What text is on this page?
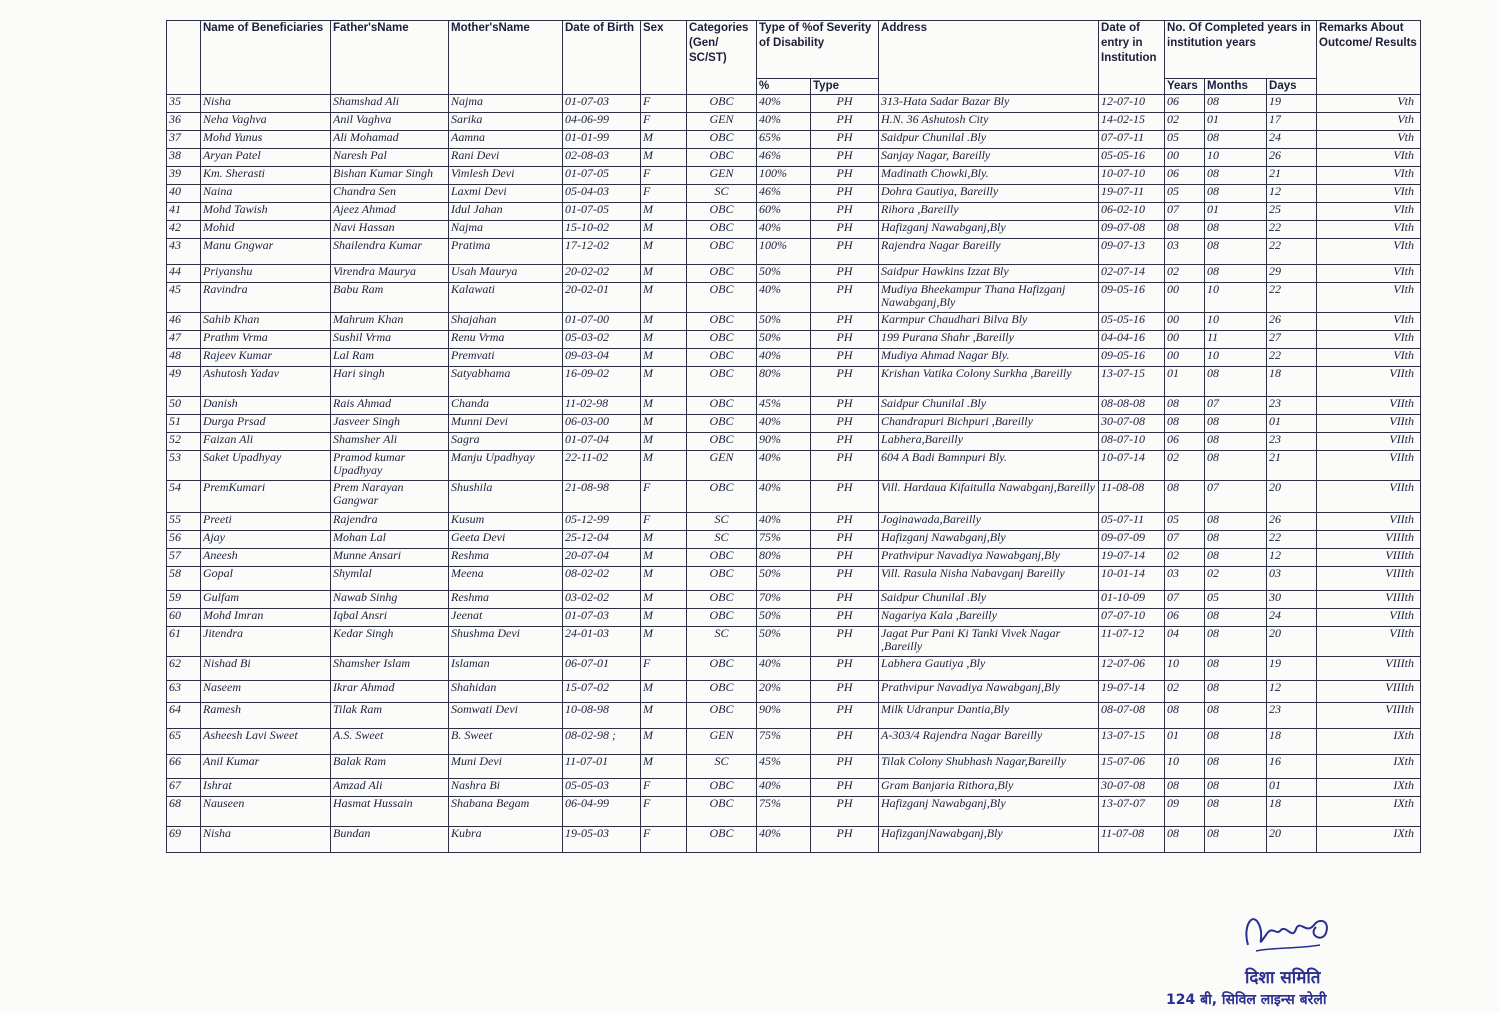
	Name of Beneficiaries	Father'sName	Mother'sName	Date of Birth	Sex	Categories (Gen/ SC/ST)	Type of %of Severity of Disability		Address	Date of entry in Institution	No. Of Completed years in institution years			Remarks About Outcome/ Results
							%	Type			Years	Months	Days	
35	Nisha	Shamshad Ali	Najma	01-07-03	F	OBC	40%	PH	313-Hata Sadar Bazar Bly	12-07-10	06	08	19	Vth
36	Neha Vaghva	Anil Vaghva	Sarika	04-06-99	F	GEN	40%	PH	H.N. 36 Ashutosh City	14-02-15	02	01	17	Vth
37	Mohd Yunus	Ali Mohamad	Aamna	01-01-99	M	OBC	65%	PH	Saidpur Chunilal .Bly	07-07-11	05	08	24	Vth
38	Aryan Patel	Naresh Pal	Rani Devi	02-08-03	M	OBC	46%	PH	Sanjay Nagar, Bareilly	05-05-16	00	10	26	VIth
39	Km. Sherasti	Bishan Kumar Singh	Vimlesh Devi	01-07-05	F	GEN	100%	PH	Madinath Chowki,Bly.	10-07-10	06	08	21	VIth
40	Naina	Chandra Sen	Laxmi Devi	05-04-03	F	SC	46%	PH	Dohra Gautiya, Bareilly	19-07-11	05	08	12	VIth
41	Mohd Tawish	Ajeez Ahmad	Idul Jahan	01-07-05	M	OBC	60%	PH	Rihora ,Bareilly	06-02-10	07	01	25	VIth
42	Mohid	Navi Hassan	Najma	15-10-02	M	OBC	40%	PH	Hafizganj Nawabganj,Bly	09-07-08	08	08	22	VIth
43	Manu Gngwar	Shailendra Kumar	Pratima	17-12-02	M	OBC	100%	PH	Rajendra Nagar Bareilly	09-07-13	03	08	22	VIth
44	Priyanshu	Virendra Maurya	Usah Maurya	20-02-02	M	OBC	50%	PH	Saidpur Hawkins Izzat Bly	02-07-14	02	08	29	VIth
45	Ravindra	Babu Ram	Kalawati	20-02-01	M	OBC	40%	PH	Mudiya Bheekampur Thana Hafizganj Nawabganj,Bly	09-05-16	00	10	22	VIth
46	Sahib Khan	Mahrum Khan	Shajahan	01-07-00	M	OBC	50%	PH	Karmpur Chaudhari Bilva Bly	05-05-16	00	10	26	VIth
47	Prathm Vrma	Sushil Vrma	Renu Vrma	05-03-02	M	OBC	50%	PH	199 Purana Shahr ,Bareilly	04-04-16	00	11	27	VIth
48	Rajeev Kumar	Lal Ram	Premvati	09-03-04	M	OBC	40%	PH	Mudiya Ahmad Nagar Bly.	09-05-16	00	10	22	VIth
49	Ashutosh Yadav	Hari singh	Satyabhama	16-09-02	M	OBC	80%	PH	Krishan Vatika Colony Surkha ,Bareilly	13-07-15	01	08	18	VIIth
50	Danish	Rais Ahmad	Chanda	11-02-98	M	OBC	45%	PH	Saidpur Chunilal .Bly	08-08-08	08	07	23	VIIth
51	Durga Prsad	Jasveer Singh	Munni Devi	06-03-00	M	OBC	40%	PH	Chandrapuri Bichpuri ,Bareilly	30-07-08	08	08	01	VIIth
52	Faizan Ali	Shamsher Ali	Sagra	01-07-04	M	OBC	90%	PH	Labhera,Bareilly	08-07-10	06	08	23	VIIth
53	Saket Upadhyay	Pramod kumar Upadhyay	Manju Upadhyay	22-11-02	M	GEN	40%	PH	604 A Badi Bamnpuri Bly.	10-07-14	02	08	21	VIIth
54	PremKumari	Prem Narayan Gangwar	Shushila	21-08-98	F	OBC	40%	PH	Vill. Hardaua Kifaitulla Nawabganj,Bareilly	11-08-08	08	07	20	VIIth
55	Preeti	Rajendra	Kusum	05-12-99	F	SC	40%	PH	Joginawada,Bareilly	05-07-11	05	08	26	VIIth
56	Ajay	Mohan Lal	Geeta Devi	25-12-04	M	SC	75%	PH	Hafizganj Nawabganj,Bly	09-07-09	07	08	22	VIIIth
57	Aneesh	Munne Ansari	Reshma	20-07-04	M	OBC	80%	PH	Prathvipur Navadiya Nawabganj,Bly	19-07-14	02	08	12	VIIIth
58	Gopal	Shymlal	Meena	08-02-02	M	OBC	50%	PH	Vill. Rasula Nisha Nabavganj Bareilly	10-01-14	03	02	03	VIIIth
59	Gulfam	Nawab Sinhg	Reshma	03-02-02	M	OBC	70%	PH	Saidpur Chunilal .Bly	01-10-09	07	05	30	VIIIth
60	Mohd Imran	Iqbal Ansri	Jeenat	01-07-03	M	OBC	50%	PH	Nagariya Kala ,Bareilly	07-07-10	06	08	24	VIIth
61	Jitendra	Kedar Singh	Shushma Devi	24-01-03	M	SC	50%	PH	Jagat Pur Pani Ki Tanki Vivek Nagar ,Bareilly	11-07-12	04	08	20	VIIth
62	Nishad Bi	Shamsher Islam	Islaman	06-07-01	F	OBC	40%	PH	Labhera Gautiya ,Bly	12-07-06	10	08	19	VIIIth
63	Naseem	Ikrar Ahmad	Shahidan	15-07-02	M	OBC	20%	PH	Prathvipur Navadiya Nawabganj,Bly	19-07-14	02	08	12	VIIIth
64	Ramesh	Tilak Ram	Somwati Devi	10-08-98	M	OBC	90%	PH	Milk Udranpur Dantia,Bly	08-07-08	08	08	23	VIIIth
65	Asheesh Lavi Sweet	A.S. Sweet	B. Sweet	08-02-98 ;	M	GEN	75%	PH	A-303/4 Rajendra Nagar Bareilly	13-07-15	01	08	18	IXth
66	Anil Kumar	Balak Ram	Muni Devi	11-07-01	M	SC	45%	PH	Tilak Colony Shubhash Nagar,Bareilly	15-07-06	10	08	16	IXth
67	Ishrat	Amzad Ali	Nashra Bi	05-05-03	F	OBC	40%	PH	Gram Banjaria Rithora,Bly	30-07-08	08	08	01	IXth
68	Nauseen	Hasmat Hussain	Shabana Begam	06-04-99	F	OBC	75%	PH	Hafizganj Nawabganj,Bly	13-07-07	09	08	18	IXth
69	Nisha	Bundan	Kubra	19-05-03	F	OBC	40%	PH	HafizganjNawabganj,Bly	11-07-08	08	08	20	IXth
दिशा समिति
124 बी, सिविल लाइन्स बरेली
